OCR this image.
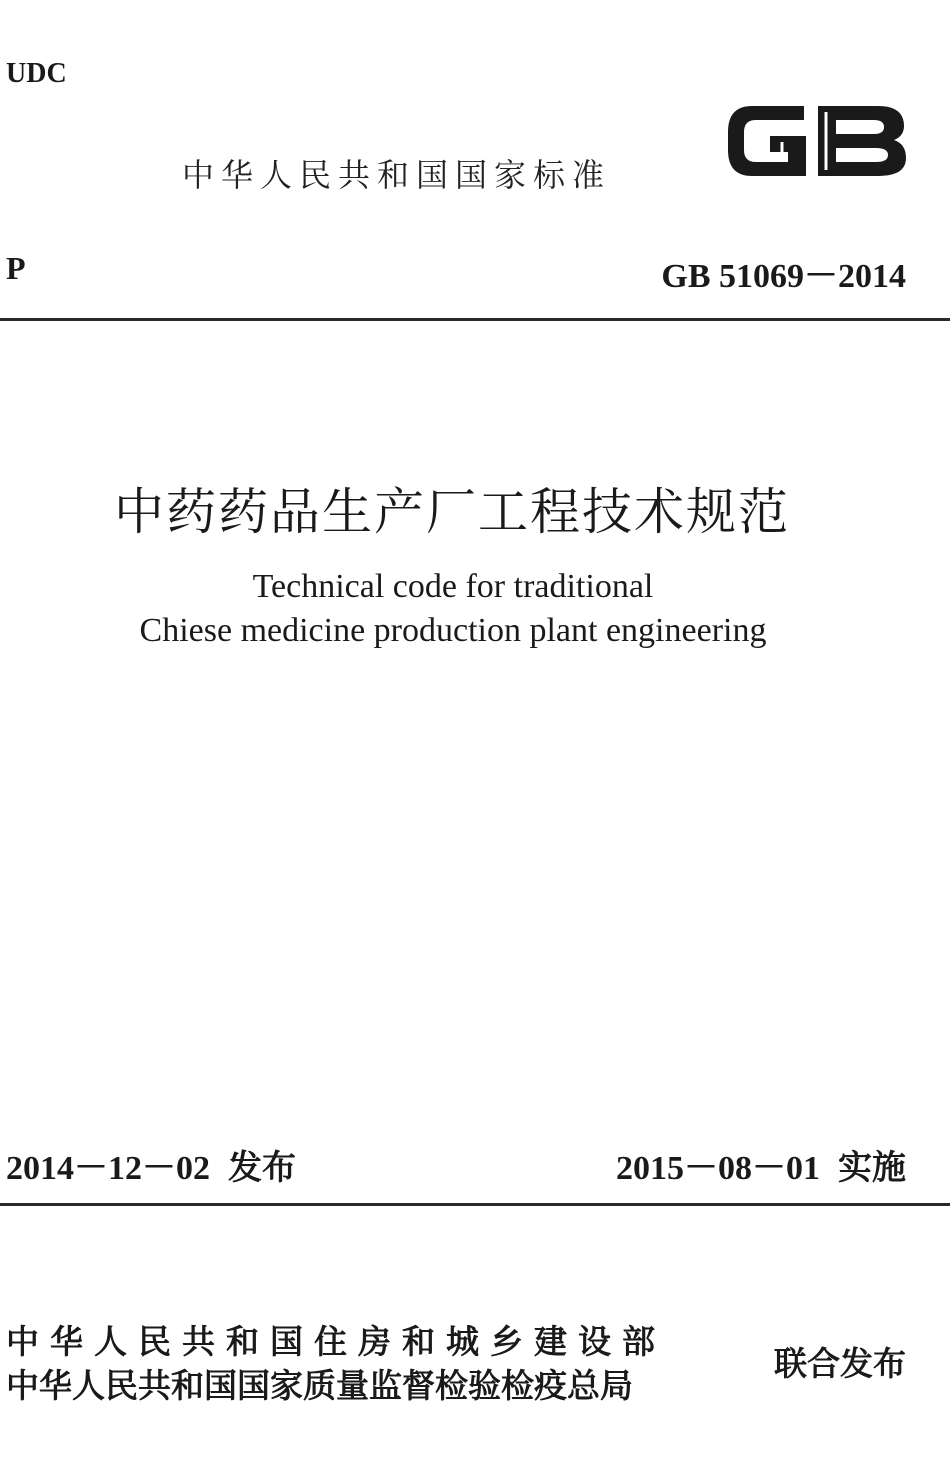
UDC
中华人民共和国国家标准
P	GB 51069－2014
中药药品生产厂工程技术规范
Technical code for traditional
Chiese medicine production plant engineering
2014－12－02 发布	2015－08－01 实施
中华人民共和国住房和城乡建设部
中华人民共和国国家质量监督检验检疫总局
联合发布
